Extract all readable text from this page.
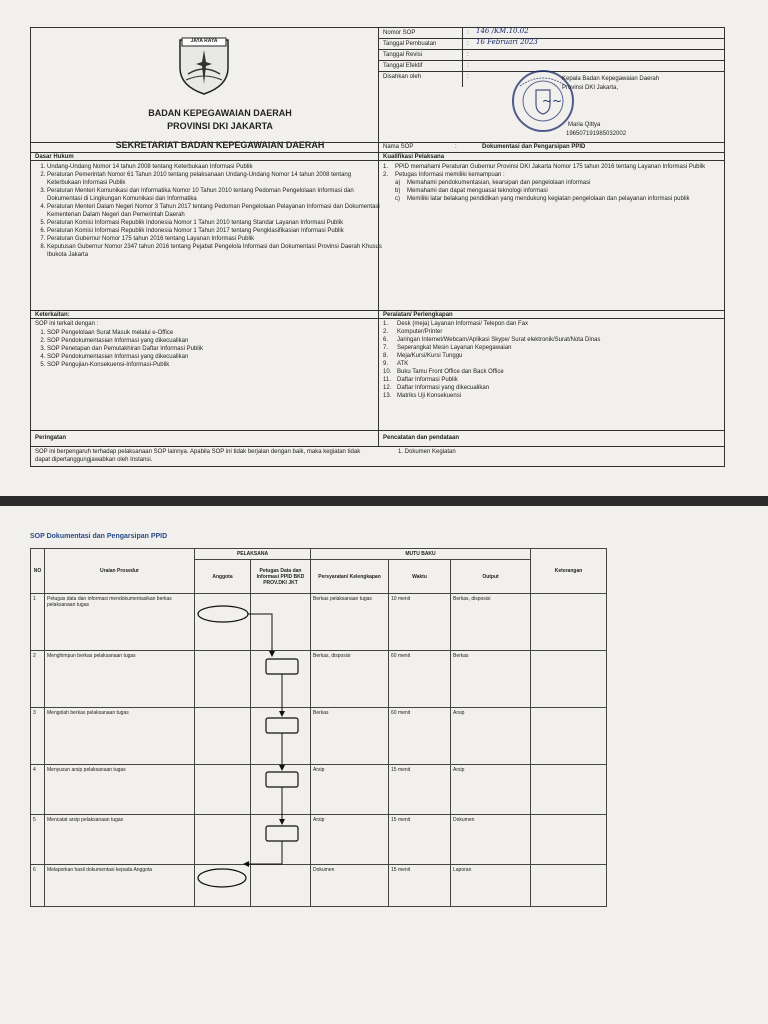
JAYA RAYA
BADAN KEPEGAWAIAN DAERAH
PROVINSI DKI JAKARTA
SEKRETARIAT BADAN KEPEGAWAIAN DAERAH
Nomor SOP	: 146 /KM.10.02
Tanggal Pembuatan	: 16 Februari 2023
Tanggal Revisi	:
Tanggal Efektif	:
Disahkan oleh	:	Kepala Badan Kepegawaian Daerah
Provinsi DKI Jakarta,
~~
Maria Qittya
196507191985032002
Nama SOP	:	Dokumentasi dan Pengarsipan PPID
Dasar Hukum
1. Undang-Undang Nomor 14 tahun 2008 tentang Keterbukaan Informasi Publik
2. Peraturan Pemerintah Nomor 61 Tahun 2010 tentang pelaksanaan Undang-Undang Nomor 14 tahun 2008 tentang Keterbukaan Informasi Publik
3. Peraturan Menteri Komunikasi dan Informatika Nomor 10 Tahun 2010 tentang Pedoman Pengelolaan Informasi dan Dokumentasi di Lingkungan Komunikasi dan Informatika
4. Peraturan Menteri Dalam Negeri Nomor 3 Tahun 2017 tentang Pedoman Pengelolaan Pelayanan Informasi dan Dokumentasi Kementerian Dalam Negeri dan Pemerintah Daerah
5. Peraturan Komisi Informasi Republik Indonesia Nomor 1 Tahun 2010 tentang Standar Layanan Informasi Publik
6. Peraturan Komisi Informasi Republik Indonesia Nomor 1 Tahun 2017 tentang Pengklasifikasian Informasi Publik
7. Peraturan Gubernur Nomor 175 tahun 2016 tentang Layanan Informasi Publik
8. Keputusan Gubernur Nomor 2347 tahun 2016 tentang Pejabat Pengelola Informasi dan Dokumentasi Provinsi Daerah Khusus Ibukota Jakarta
Kualifikasi Pelaksana
1.	PPID memahami Peraturan Gubernur Provinsi DKI Jakarta Nomor 175 tahun 2016 tentang Layanan Informasi Publik
2.	Petugas Informasi memiliki kemampuan :
a)	Memahami pendokumentasian, kearsipan dan pengelolaan informasi
b)	Memahami dan dapat menguasai teknologi informasi
c)	Memiliki latar belakang pendidikan yang mendukung kegiatan pengelolaan dan pelayanan informasi publik
Keterkaitan:
SOP ini terkait dengan :
1. SOP Pengelolaan Surat Masuk melalui e-Office
2. SOP Pendokumentasian Informasi yang dikecualikan
3. SOP Penetapan dan Pemutakhiran Daftar Informasi Publik
4. SOP Pendokumentasian Informasi yang dikecualikan
5. SOP Pengujian-Konsekuensi-Informasi-Publik
Peralatan/ Perlengkapan
1.	Desk (meja) Layanan Informasi/ Telepon dan Fax
2.	Komputer/Printer
6.	Jaringan Internet/Webcam/Aplikasi Skype/ Surat elektronik/Surat/Nota Dinas
7.	Seperangkat Mesin Layanan Kepegawaian
8.	Meja/Kursi/Kursi Tunggu
9.	ATK
10. Buku Tamu Front Office dan Back Office
11.	Daftar Informasi Publik
12. Daftar Informasi yang dikecualikan
13. Matriks Uji Konsekuensi
Peringatan
SOP ini berpengaruh terhadap pelaksanaan SOP lainnya. Apabila SOP ini tidak berjalan dengan baik, maka kegiatan tidak dapat dipertanggungjawabkan oleh Instansi.
Pencatatan dan pendataan
1. Dokumen Kegiatan
SOP Dokumentasi dan Pengarsipan PPID
NO	Uraian Prosedur	PELAKSANA		MUTU BAKU			Keterangan
		Anggota	Petugas Data dan Informasi PPID BKD PROV.DKI JKT	Persyaratan/ Kelengkapan	Waktu	Output	
1	Petugas data dan informasi mendokumentasikan berkas pelaksanaan tugas			Berkas pelaksanaan tugas	10 menit	Berkas, disposisi	
2	Menghimpun berkas pelaksanaan tugas			Berkas, disposisi	60 menit	Berkas	
3	Mengolah berkas pelaksanaan tugas			Berkas	60 menit	Arsip	
4	Menyusun arsip pelaksanaan tugas			Arsip	15 menit	Arsip	
5	Mencatat arsip pelaksanaan tugas			Arsip	15 menit	Dokumen	
6	Melaporkan hasil dokumentasi kepada Anggota			Dokumen	15 menit	Laporan	
